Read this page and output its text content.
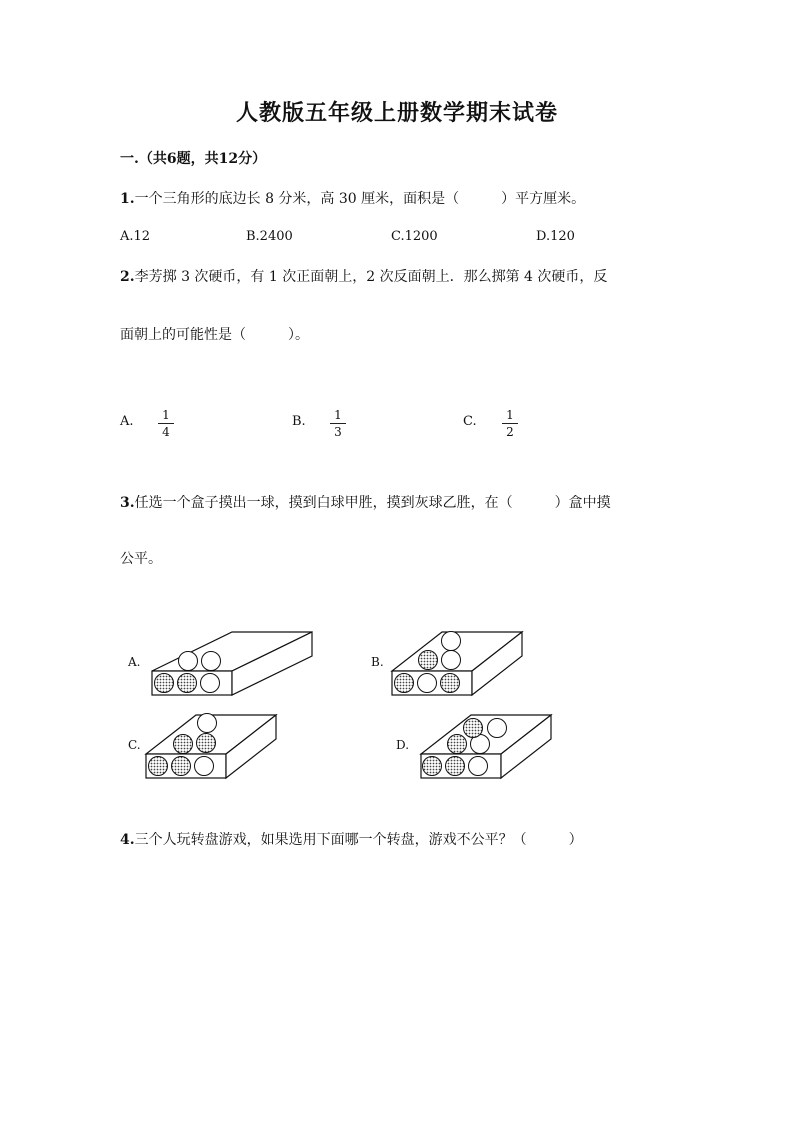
人教版五年级上册数学期末试卷
一.（共6题，共12分）
1.一个三角形的底边长 8 分米，高 30 厘米，面积是（　　　）平方厘米。
A.12	B.2400	C.1200	D.120
2.李芳掷 3 次硬币，有 1 次正面朝上，2 次反面朝上．那么掷第 4 次硬币，反
面朝上的可能性是（　　　）。
A. $\frac{1}{4}$	B. $\frac{1}{3}$	C. $\frac{1}{2}$
3.任选一个盒子摸出一球，摸到白球甲胜，摸到灰球乙胜，在（　　　）盒中摸
公平。
A.	B.
C.	D.
4.三个人玩转盘游戏，如果选用下面哪一个转盘，游戏不公平？（　　　）
